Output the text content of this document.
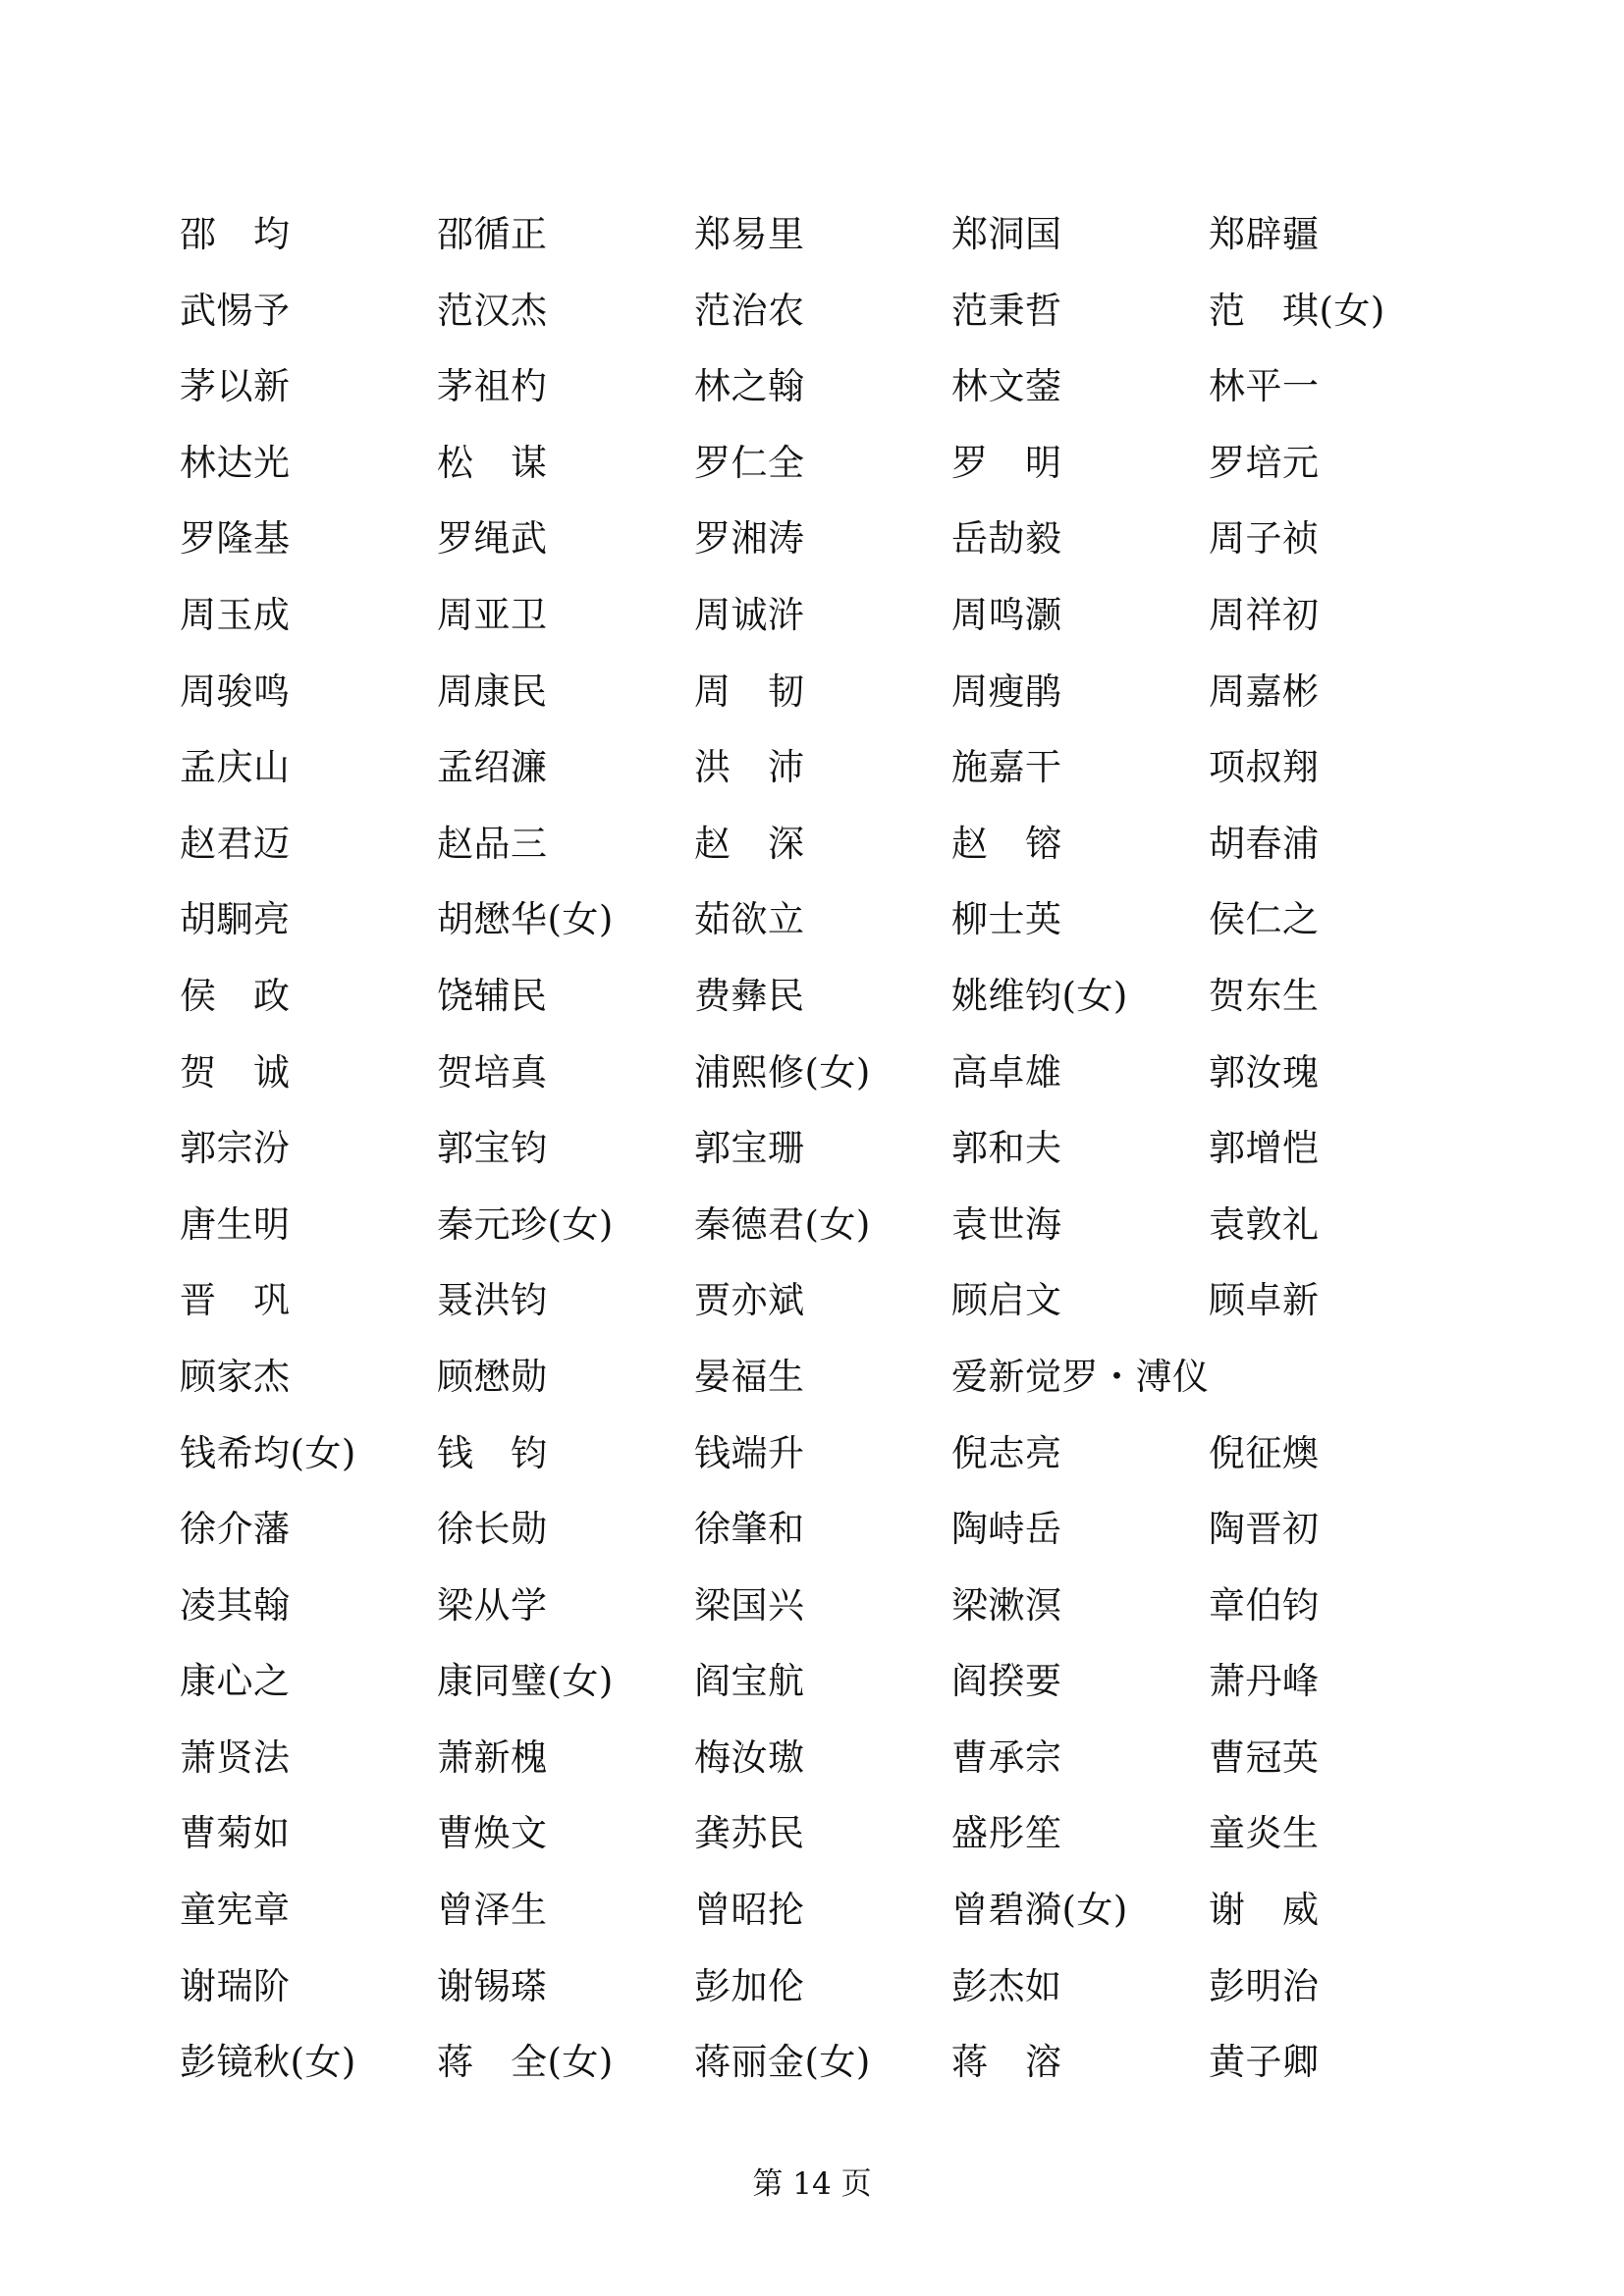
邵　均	邵循正	郑易里	郑洞国	郑辟疆
武惕予	范汉杰	范治农	范秉哲	范　琪(女)
茅以新	茅祖杓	林之翰	林文蓥	林平一
林达光	松　谋	罗仁全	罗　明	罗培元
罗隆基	罗绳武	罗湘涛	岳劼毅	周子祯
周玉成	周亚卫	周诚浒	周鸣灏	周祥初
周骏鸣	周康民	周　韧	周瘦鹃	周嘉彬
孟庆山	孟绍濂	洪　沛	施嘉干	项叔翔
赵君迈	赵品三	赵　深	赵　镕	胡春浦
胡駉亮	胡懋华(女)	茹欲立	柳士英	侯仁之
侯　政	饶辅民	费彝民	姚维钧(女)	贺东生
贺　诚	贺培真	浦熙修(女)	高卓雄	郭汝瑰
郭宗汾	郭宝钧	郭宝珊	郭和夫	郭增恺
唐生明	秦元珍(女)	秦德君(女)	袁世海	袁敦礼
晋　巩	聂洪钧	贾亦斌	顾启文	顾卓新
顾家杰	顾懋勋	晏福生	爱新觉罗・溥仪
钱希均(女)	钱　钧	钱端升	倪志亮	倪征燠
徐介藩	徐长勋	徐肇和	陶峙岳	陶晋初
凌其翰	梁从学	梁国兴	梁漱溟	章伯钧
康心之	康同璧(女)	阎宝航	阎揆要	萧丹峰
萧贤法	萧新槐	梅汝璈	曹承宗	曹冠英
曹菊如	曹焕文	龚苏民	盛彤笙	童炎生
童宪章	曾泽生	曾昭抡	曾碧漪(女)	谢　威
谢瑞阶	谢锡瑹	彭加伦	彭杰如	彭明治
彭镜秋(女)	蒋　全(女)	蒋丽金(女)	蒋　溶	黄子卿
第 14 页
